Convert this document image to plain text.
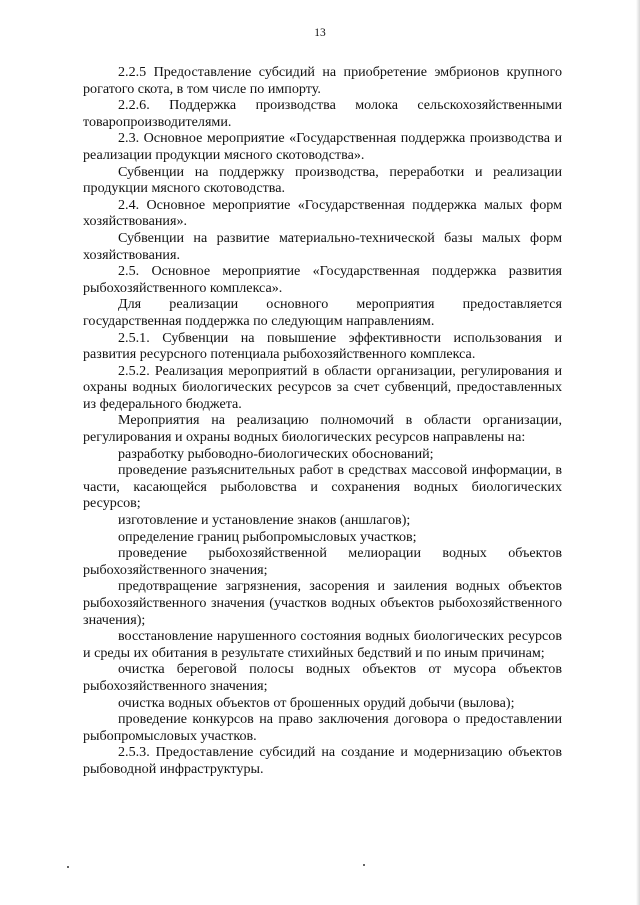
13

2.2.5 Предоставление субсидий на приобретение эмбрионов крупного рогатого скота, в том числе по импорту.

2.2.6. Поддержка производства молока сельскохозяйственными товаропроизводителями.

2.3. Основное мероприятие «Государственная поддержка производства и реализации продукции мясного скотоводства».

Субвенции на поддержку производства, переработки и реализации продукции мясного скотоводства.

2.4. Основное мероприятие «Государственная поддержка малых форм хозяйствования».

Субвенции на развитие материально-технической базы малых форм хозяйствования.

2.5. Основное мероприятие «Государственная поддержка развития рыбохозяйственного комплекса».

Для реализации основного мероприятия предоставляется государственная поддержка по следующим направлениям.

2.5.1. Субвенции на повышение эффективности использования и развития ресурсного потенциала рыбохозяйственного комплекса.

2.5.2. Реализация мероприятий в области организации, регулирования и охраны водных биологических ресурсов за счет субвенций, предоставленных из федерального бюджета.

Мероприятия на реализацию полномочий в области организации, регулирования и охраны водных биологических ресурсов направлены на:

разработку рыбоводно-биологических обоснований;

проведение разъяснительных работ в средствах массовой информации, в части, касающейся рыболовства и сохранения водных биологических ресурсов;

изготовление и установление знаков (аншлагов);

определение границ рыбопромысловых участков;

проведение рыбохозяйственной мелиорации водных объектов рыбохозяйственного значения;

предотвращение загрязнения, засорения и заиления водных объектов рыбохозяйственного значения (участков водных объектов рыбохозяйственного значения);

восстановление нарушенного состояния водных биологических ресурсов и среды их обитания в результате стихийных бедствий и по иным причинам;

очистка береговой полосы водных объектов от мусора объектов рыбохозяйственного значения;

очистка водных объектов от брошенных орудий добычи (вылова);

проведение конкурсов на право заключения договора о предоставлении рыбопромысловых участков.

2.5.3. Предоставление субсидий на создание и модернизацию объектов рыбоводной инфраструктуры.
